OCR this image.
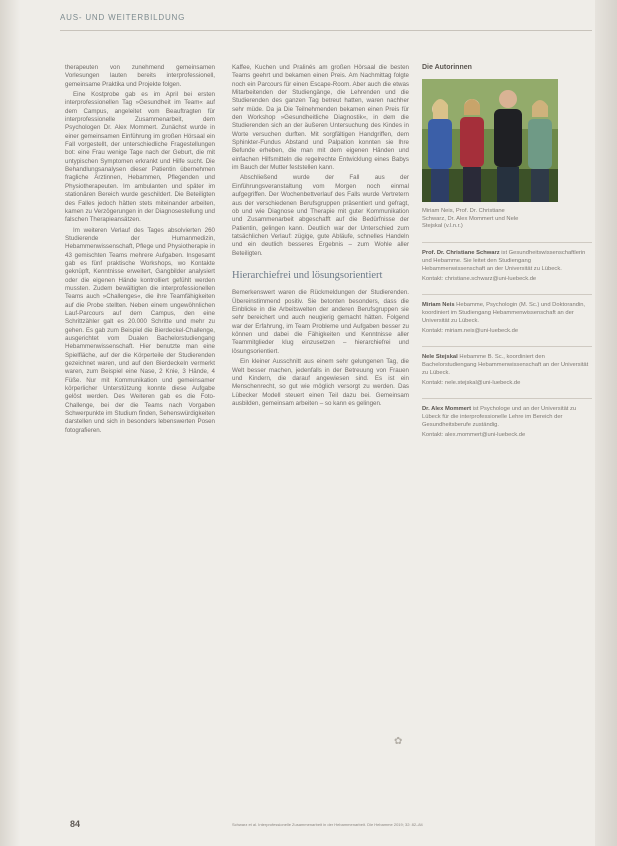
AUS- UND WEITERBILDUNG

therapeuten von zunehmend gemeinsamen Vorlesungen lauten bereits interprofessionell, gemeinsame Praktika und Projekte folgen.

Eine Kostprobe gab es im April bei ersten interprofessionellen Tag »Gesundheit im Team« auf dem Campus, angeleitet vom Beauftragten für interprofessionelle Zusammenarbeit, dem Psychologen Dr. Alex Mommert. Zunächst wurde in einer gemeinsamen Einführung im großen Hörsaal ein Fall vorgestellt, der unterschiedliche Fragestellungen bot: eine Frau wenige Tage nach der Geburt, die mit untypischen Symptomen erkrankt und Hilfe sucht. Die Behandlungsanalysen dieser Patientin übernehmen fragliche Ärztinnen, Hebammen, Pflegenden und Physiotherapeuten. Im ambulanten und später im stationären Bereich wurde geschildert. Die Beteiligten des Falles jedoch hätten stets miteinander arbeiten, kamen zu Verzögerungen in der Diagnosestellung und falschen Therapieansätzen.

Im weiteren Verlauf des Tages absolvierten 260 Studierende der Humanmedizin, Hebammenwissenschaft, Pflege und Physiotherapie in 43 gemischten Teams mehrere Aufgaben. Insgesamt gab es fünf praktische Workshops, wo Kontakte geknüpft, Kenntnisse erweitert, Gangbilder analysiert oder die eigenen Hände kontrolliert gefühlt werden mussten. Zudem bewältigten die interprofessionellen Teams auch »Challenges«, die ihre Teamfähigkeiten auf die Probe stellten. Neben einem ungewöhnlichen Lauf-Parcours auf dem Campus, den eine Schrittzähler galt es 20.000 Schritte und mehr zu gehen. Es gab zum Beispiel die Bierdeckel-Challenge, ausgerichtet vom Dualen Bachelorstudiengang Hebammenwissenschaft. Hier benutzte man eine Spielfläche, auf der die Körperteile der Studierenden gezeichnet waren, und auf den Bierdeckeln vermerkt waren, zum Beispiel eine Nase, 2 Knie, 3 Hände, 4 Füße. Nur mit Kommunikation und gemeinsamer körperlicher Unterstützung konnte diese Aufgabe gelöst werden. Des Weiteren gab es die Foto-Challenge, bei der die Teams nach Vorgaben Schwerpunkte im Studium finden, Sehenswürdigkeiten darstellen und sich in besonders lebenswerten Posen fotografieren.

Kaffee, Kuchen und Pralinés am großen Hörsaal die besten Teams geehrt und bekamen einen Preis. Am Nachmittag folgte noch ein Parcours für einen Escape-Room. Aber auch die etwas Mitarbeitenden der Studiengänge, die Lehrenden und die Studierenden des ganzen Tag betreut hatten, waren nachher sehr müde. Da ja Die Teilnehmenden bekamen einen Preis für den Workshop »Gesundheitliche Diagnostik«, in dem die Studierenden sich an der äußeren Untersuchung des Kindes in Worte versuchen durften. Mit sorgfältigen Handgriffen, dem Sphinkter-Fundus Abstand und Palpation konnten sie Ihre Befunde erheben, die man mit dem eigenen Händen und einfachen Hilfsmitteln die regelrechte Entwicklung eines Babys im Bauch der Mutter feststellen kann.

Abschließend wurde der Fall aus der Einführungsveranstaltung vom Morgen noch einmal aufgegriffen. Der Wochenbettverlauf des Falls wurde Vertretern aus der verschiedenen Berufsgruppen präsentiert und gefragt, ob und wie Diagnose und Therapie mit guter Kommunikation und Zusammenarbeit abgeschafft auf die Bedürfnisse der Patientin, gelingen kann. Deutlich war der Unterschied zum tatsächlichen Verlauf: zügige, gute Abläufe, schnelles Handeln und ein deutlich besseres Ergebnis – zum Wohle aller Beteiligten.

Hierarchiefrei und lösungsorientiert

Bemerkenswert waren die Rückmeldungen der Studierenden. Übereinstimmend positiv. Sie betonten besonders, dass die Einblicke in die Arbeitswelten der anderen Berufsgruppen sie sehr bereichert und auch neugierig gemacht hätten. Folgend war der Erfahrung, im Team Probleme und Aufgaben besser zu können und dabei die Fähigkeiten und Kenntnisse aller Teammitglieder klug einzusetzen – hierarchiefrei und lösungsorientiert.

Ein kleiner Ausschnitt aus einem sehr gelungenen Tag, die Welt besser machen, jedenfalls in der Betreuung von Frauen und Kindern, die darauf angewiesen sind. Es ist ein Menschenrecht, so gut wie möglich versorgt zu werden. Das Lübecker Modell steuert einen Teil dazu bei. Gemeinsam ausbilden, gemeinsam arbeiten – so kann es gelingen.

Die Autorinnen
Miriam Neis, Prof. Dr. Christiane Schwarz, Dr. Alex Mommert und Nele Stejskal (v.l.n.r.)
Prof. Dr. Christiane Schwarz ist Gesundheitswissenschaftlerin und Hebamme. Sie leitet den Studiengang Hebammenwissenschaft an der Universität zu Lübeck.
Kontakt: christiane.schwarz@uni-luebeck.de
Miriam Neis Hebamme, Psychologin (M. Sc.) und Doktorandin, koordiniert im Studiengang Hebammenwissenschaft an der Universität zu Lübeck.
Kontakt: miriam.neis@uni-luebeck.de
Nele Stejskal Hebamme B. Sc., koordiniert den Bachelorstudiengang Hebammenwissenschaft an der Universität zu Lübeck.
Kontakt: nele.stejskal@uni-luebeck.de
Dr. Alex Mommert ist Psychologe und an der Universität zu Lübeck für die interprofessionelle Lehre im Bereich der Gesundheitsberufe zuständig.
Kontakt: alex.mommert@uni-luebeck.de
✿
84	Schwarz et al. Interprofessionelle Zusammenarbeit in der Hebammenarbeit. Die Hebamme 2019; 32: 82–84
